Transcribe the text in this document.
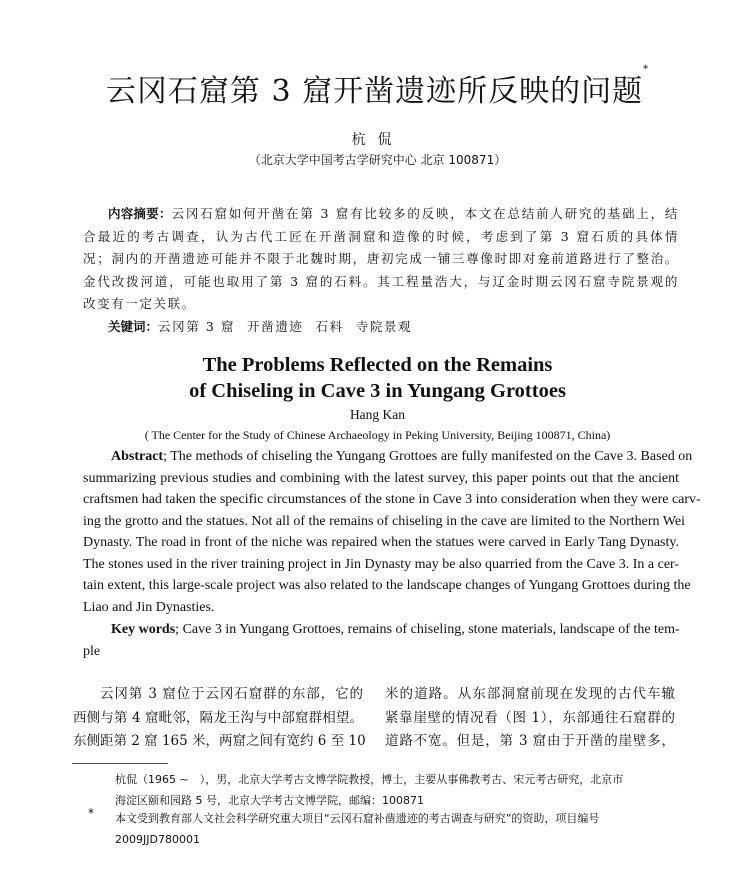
云冈石窟第 3 窟开凿遗迹所反映的问题*
杭侃
（北京大学中国考古学研究中心 北京 100871）
内容摘要：云冈石窟如何开凿在第 3 窟有比较多的反映，本文在总结前人研究的基础上，结合最近的考古调查，认为古代工匠在开凿洞窟和造像的时候，考虑到了第 3 窟石质的具体情况；洞内的开凿遗迹可能并不限于北魏时期，唐初完成一铺三尊像时即对龛前道路进行了整治。金代改拨河道，可能也取用了第 3 窟的石料。其工程量浩大，与辽金时期云冈石窟寺院景观的改变有一定关联。
关键词：云冈第 3 窟 开凿遗迹 石料 寺院景观
The Problems Reflected on the Remains
of Chiseling in Cave 3 in Yungang Grottoes
Hang Kan
( The Center for the Study of Chinese Archaeology in Peking University, Beijing 100871, China)
Abstract; The methods of chiseling the Yungang Grottoes are fully manifested on the Cave 3. Based on
summarizing previous studies and combining with the latest survey, this paper points out that the ancient
craftsmen had taken the specific circumstances of the stone in Cave 3 into consideration when they were carv-
ing the grotto and the statues. Not all of the remains of chiseling in the cave are limited to the Northern Wei
Dynasty. The road in front of the niche was repaired when the statues were carved in Early Tang Dynasty.
The stones used in the river training project in Jin Dynasty may be also quarried from the Cave 3. In a cer-
tain extent, this large-scale project was also related to the landscape changes of Yungang Grottoes during the
Liao and Jin Dynasties.
Key words; Cave 3 in Yungang Grottoes, remains of chiseling, stone materials, landscape of the tem-
ple
云冈第 3 窟位于云冈石窟群的东部，它的
西侧与第 4 窟毗邻，隔龙王沟与中部窟群相望。
东侧距第 2 窟 165 米，两窟之间有宽约 6 至 10
米的道路。从东部洞窟前现在发现的古代车辙
紧靠崖壁的情况看（图 1），东部通往石窟群的
道路不宽。但是，第 3 窟由于开凿的崖壁多，
杭侃（1965 ~　），男，北京大学考古文博学院教授，博士，主要从事佛教考古、宋元考古研究，北京市
海淀区颐和园路 5 号，北京大学考古文博学院，邮编：100871
* 本文受到教育部人文社会科学研究重大项目“云冈石窟补凿遗迹的考古调查与研究”的资助，项目编号
2009JJD780001
